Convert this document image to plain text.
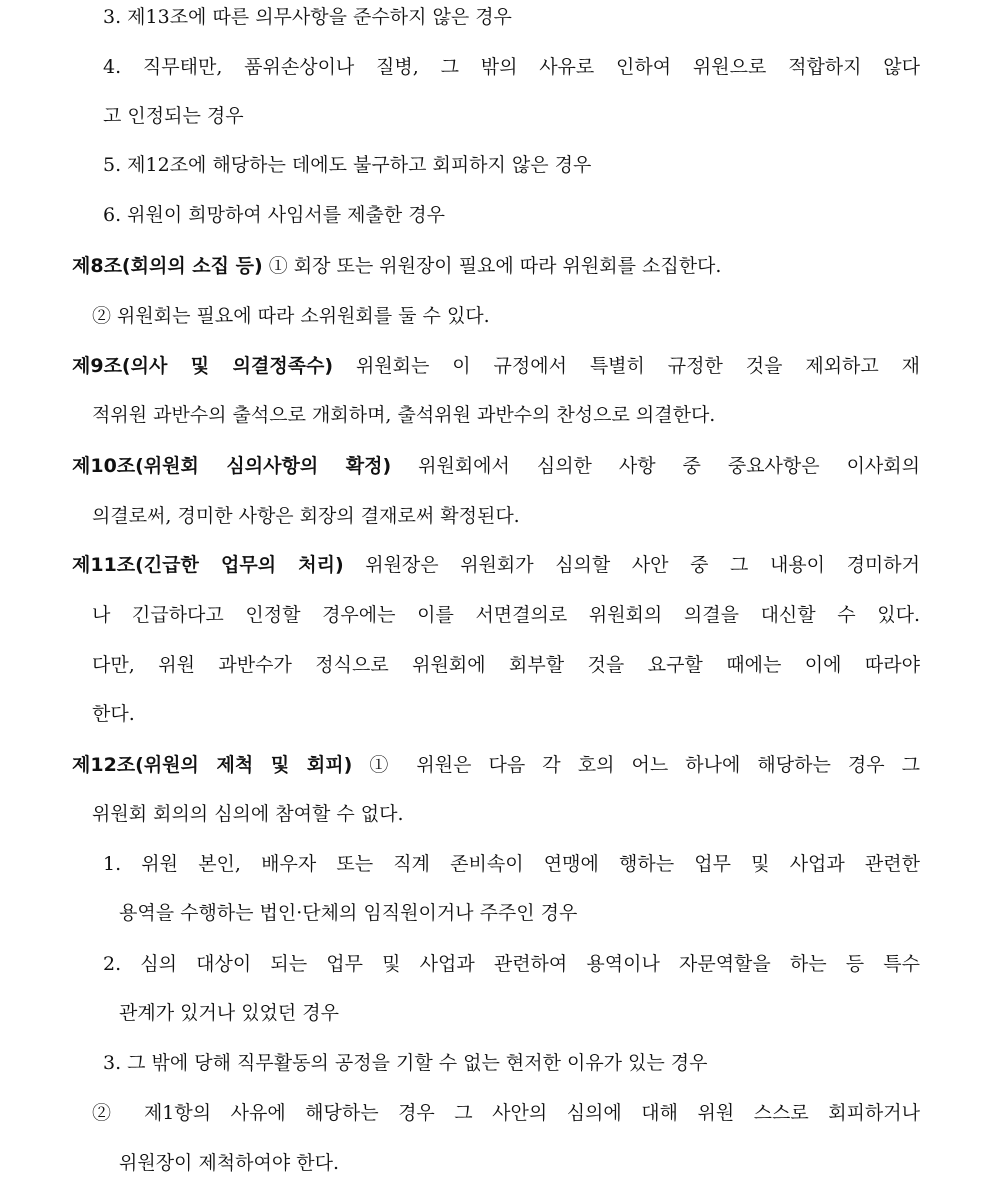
3. 제13조에 따른 의무사항을 준수하지 않은 경우
4. 직무태만, 품위손상이나 질병, 그 밖의 사유로 인하여 위원으로 적합하지 않다
고 인정되는 경우
5. 제12조에 해당하는 데에도 불구하고 회피하지 않은 경우
6. 위원이 희망하여 사임서를 제출한 경우
제8조(회의의 소집 등) ① 회장 또는 위원장이 필요에 따라 위원회를 소집한다.
② 위원회는 필요에 따라 소위원회를 둘 수 있다.
제9조(의사 및 의결정족수) 위원회는 이 규정에서 특별히 규정한 것을 제외하고 재
적위원 과반수의 출석으로 개회하며, 출석위원 과반수의 찬성으로 의결한다.
제10조(위원회 심의사항의 확정) 위원회에서 심의한 사항 중 중요사항은 이사회의
의결로써, 경미한 사항은 회장의 결재로써 확정된다.
제11조(긴급한 업무의 처리) 위원장은 위원회가 심의할 사안 중 그 내용이 경미하거
나 긴급하다고 인정할 경우에는 이를 서면결의로 위원회의 의결을 대신할 수 있다.
다만, 위원 과반수가 정식으로 위원회에 회부할 것을 요구할 때에는 이에 따라야
한다.
제12조(위원의 제척 및 회피) ① 위원은 다음 각 호의 어느 하나에 해당하는 경우 그
위원회 회의의 심의에 참여할 수 없다.
1. 위원 본인, 배우자 또는 직계 존비속이 연맹에 행하는 업무 및 사업과 관련한
용역을 수행하는 법인·단체의 임직원이거나 주주인 경우
2. 심의 대상이 되는 업무 및 사업과 관련하여 용역이나 자문역할을 하는 등 특수
관계가 있거나 있었던 경우
3. 그 밖에 당해 직무활동의 공정을 기할 수 없는 현저한 이유가 있는 경우
② 제1항의 사유에 해당하는 경우 그 사안의 심의에 대해 위원 스스로 회피하거나
위원장이 제척하여야 한다.
